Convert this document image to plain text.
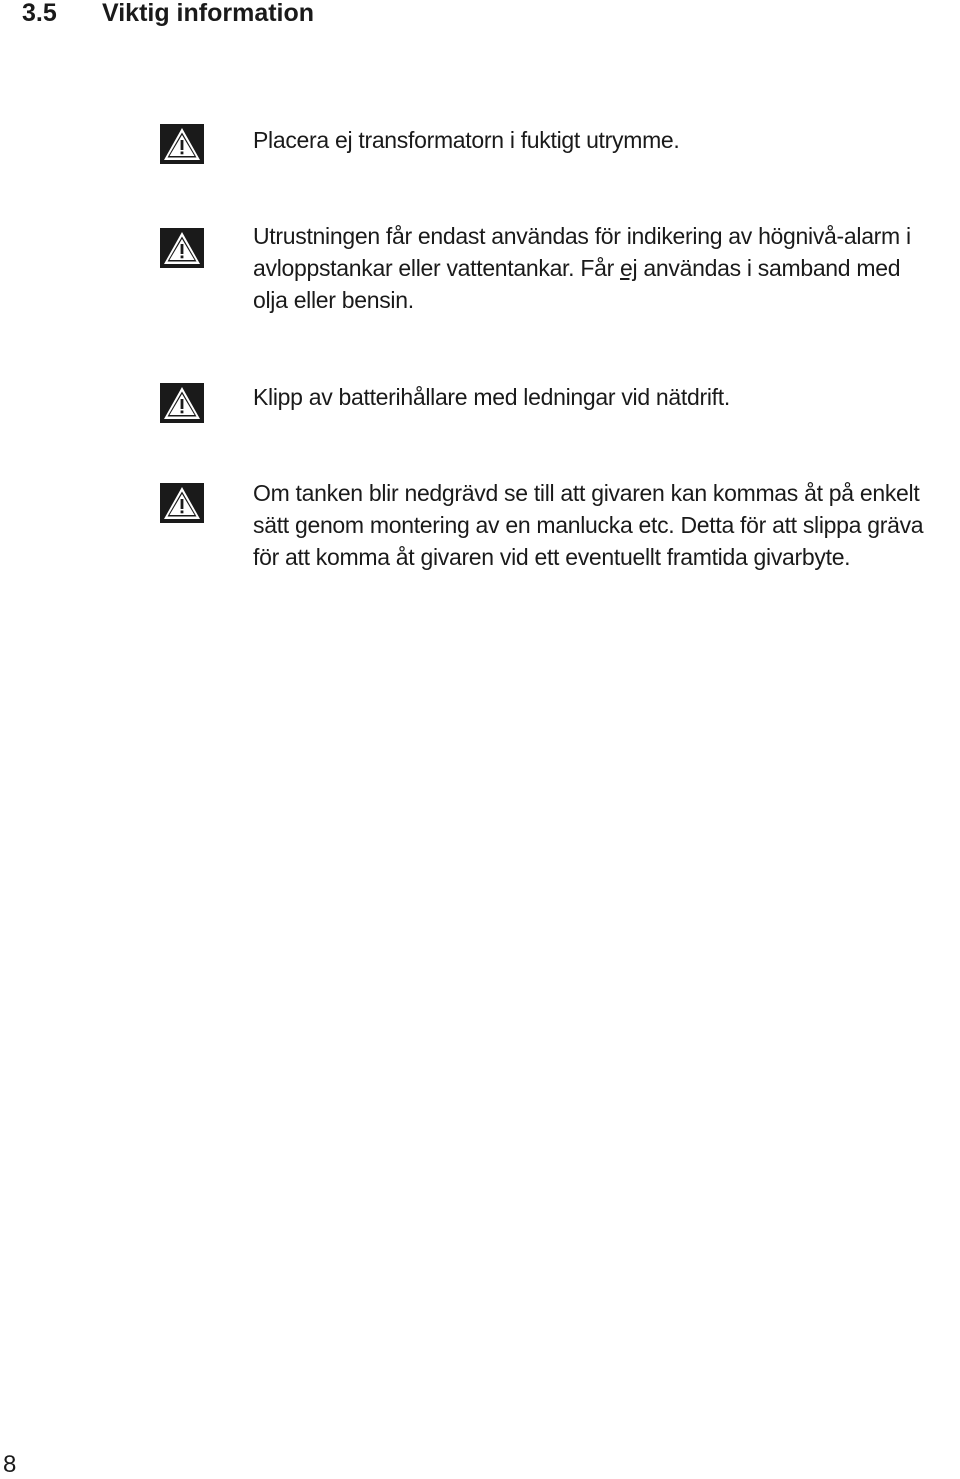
3.5 Viktig information
Placera ej transformatorn i fuktigt utrymme.
Utrustningen får endast användas för indikering av högnivå-alarm i avloppstankar eller vattentankar. Får ej användas i samband med olja eller bensin.
Klipp av batterihållare med ledningar vid nätdrift.
Om tanken blir nedgrävd se till att givaren kan kommas åt på enkelt sätt genom montering av en manlucka etc. Detta för att slippa gräva för att komma åt givaren vid ett eventuellt framtida givarbyte.
8
